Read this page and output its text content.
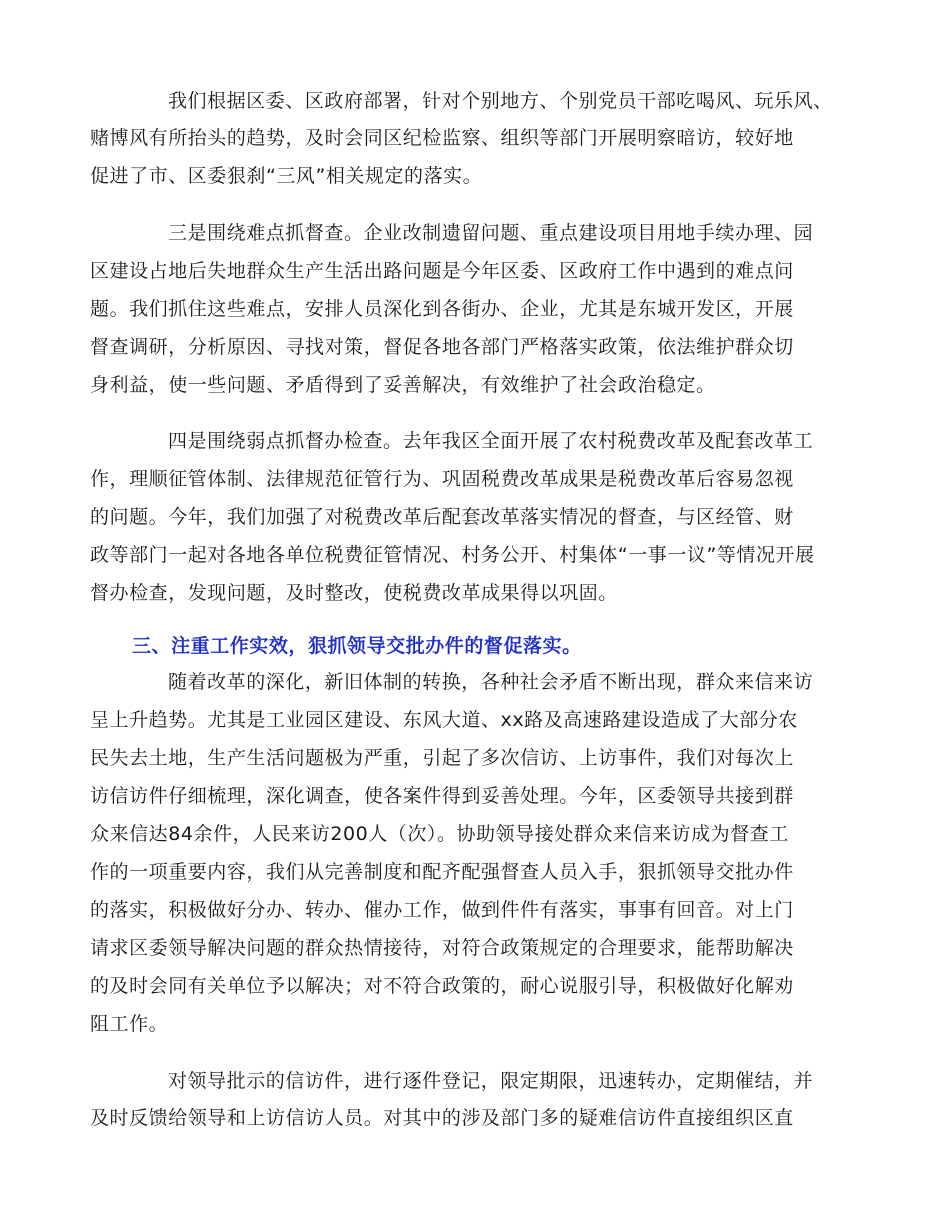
我们根据区委、区政府部署，针对个别地方、个别党员干部吃喝风、玩乐风、
赌博风有所抬头的趋势，及时会同区纪检监察、组织等部门开展明察暗访，较好地
促进了市、区委狠刹“三风”相关规定的落实。
三是围绕难点抓督查。企业改制遗留问题、重点建设项目用地手续办理、园
区建设占地后失地群众生产生活出路问题是今年区委、区政府工作中遇到的难点问
题。我们抓住这些难点，安排人员深化到各街办、企业，尤其是东城开发区，开展
督查调研，分析原因、寻找对策，督促各地各部门严格落实政策，依法维护群众切
身利益，使一些问题、矛盾得到了妥善解决，有效维护了社会政治稳定。
四是围绕弱点抓督办检查。去年我区全面开展了农村税费改革及配套改革工
作，理顺征管体制、法律规范征管行为、巩固税费改革成果是税费改革后容易忽视
的问题。今年，我们加强了对税费改革后配套改革落实情况的督查，与区经管、财
政等部门一起对各地各单位税费征管情况、村务公开、村集体“一事一议”等情况开展
督办检查，发现问题，及时整改，使税费改革成果得以巩固。
三、注重工作实效，狠抓领导交批办件的督促落实。
随着改革的深化，新旧体制的转换，各种社会矛盾不断出现，群众来信来访
呈上升趋势。尤其是工业园区建设、东风大道、xx路及高速路建设造成了大部分农
民失去土地，生产生活问题极为严重，引起了多次信访、上访事件，我们对每次上
访信访件仔细梳理，深化调查，使各案件得到妥善处理。今年，区委领导共接到群
众来信达84余件，人民来访200人（次）。协助领导接处群众来信来访成为督查工
作的一项重要内容，我们从完善制度和配齐配强督查人员入手，狠抓领导交批办件
的落实，积极做好分办、转办、催办工作，做到件件有落实，事事有回音。对上门
请求区委领导解决问题的群众热情接待，对符合政策规定的合理要求，能帮助解决
的及时会同有关单位予以解决；对不符合政策的，耐心说服引导，积极做好化解劝
阻工作。
对领导批示的信访件，进行逐件登记，限定期限，迅速转办，定期催结，并
及时反馈给领导和上访信访人员。对其中的涉及部门多的疑难信访件直接组织区直
